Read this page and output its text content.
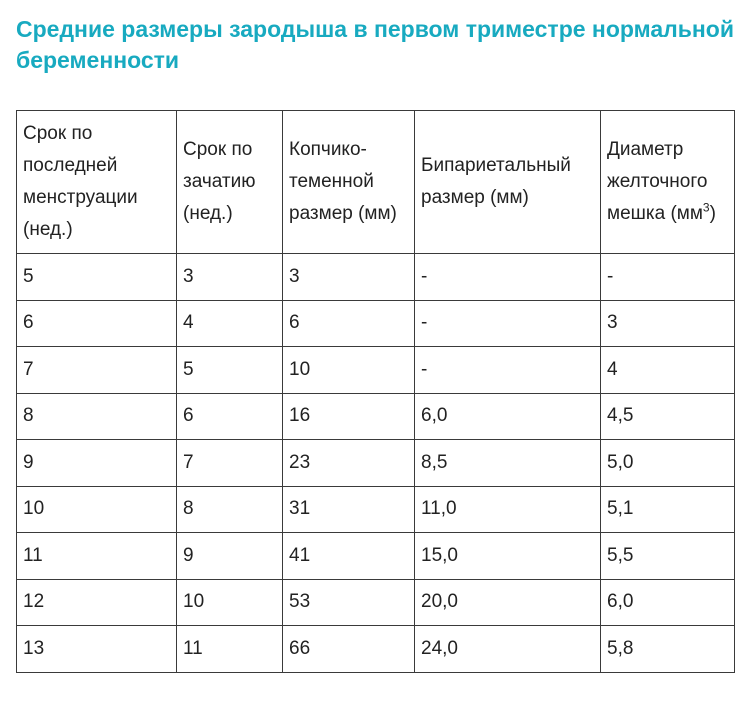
Средние размеры зародыша в первом триместре нормальной беременности
Срок по последней менструации (нед.)	Срок по зачатию (нед.)	Копчико-теменной размер (мм)	Бипариетальный размер (мм)	Диаметр желточного мешка $(мм^3)$
5	3	3	-	-
6	4	6	-	3
7	5	10	-	4
8	6	16	6,0	4,5
9	7	23	8,5	5,0
10	8	31	11,0	5,1
11	9	41	15,0	5,5
12	10	53	20,0	6,0
13	11	66	24,0	5,8
